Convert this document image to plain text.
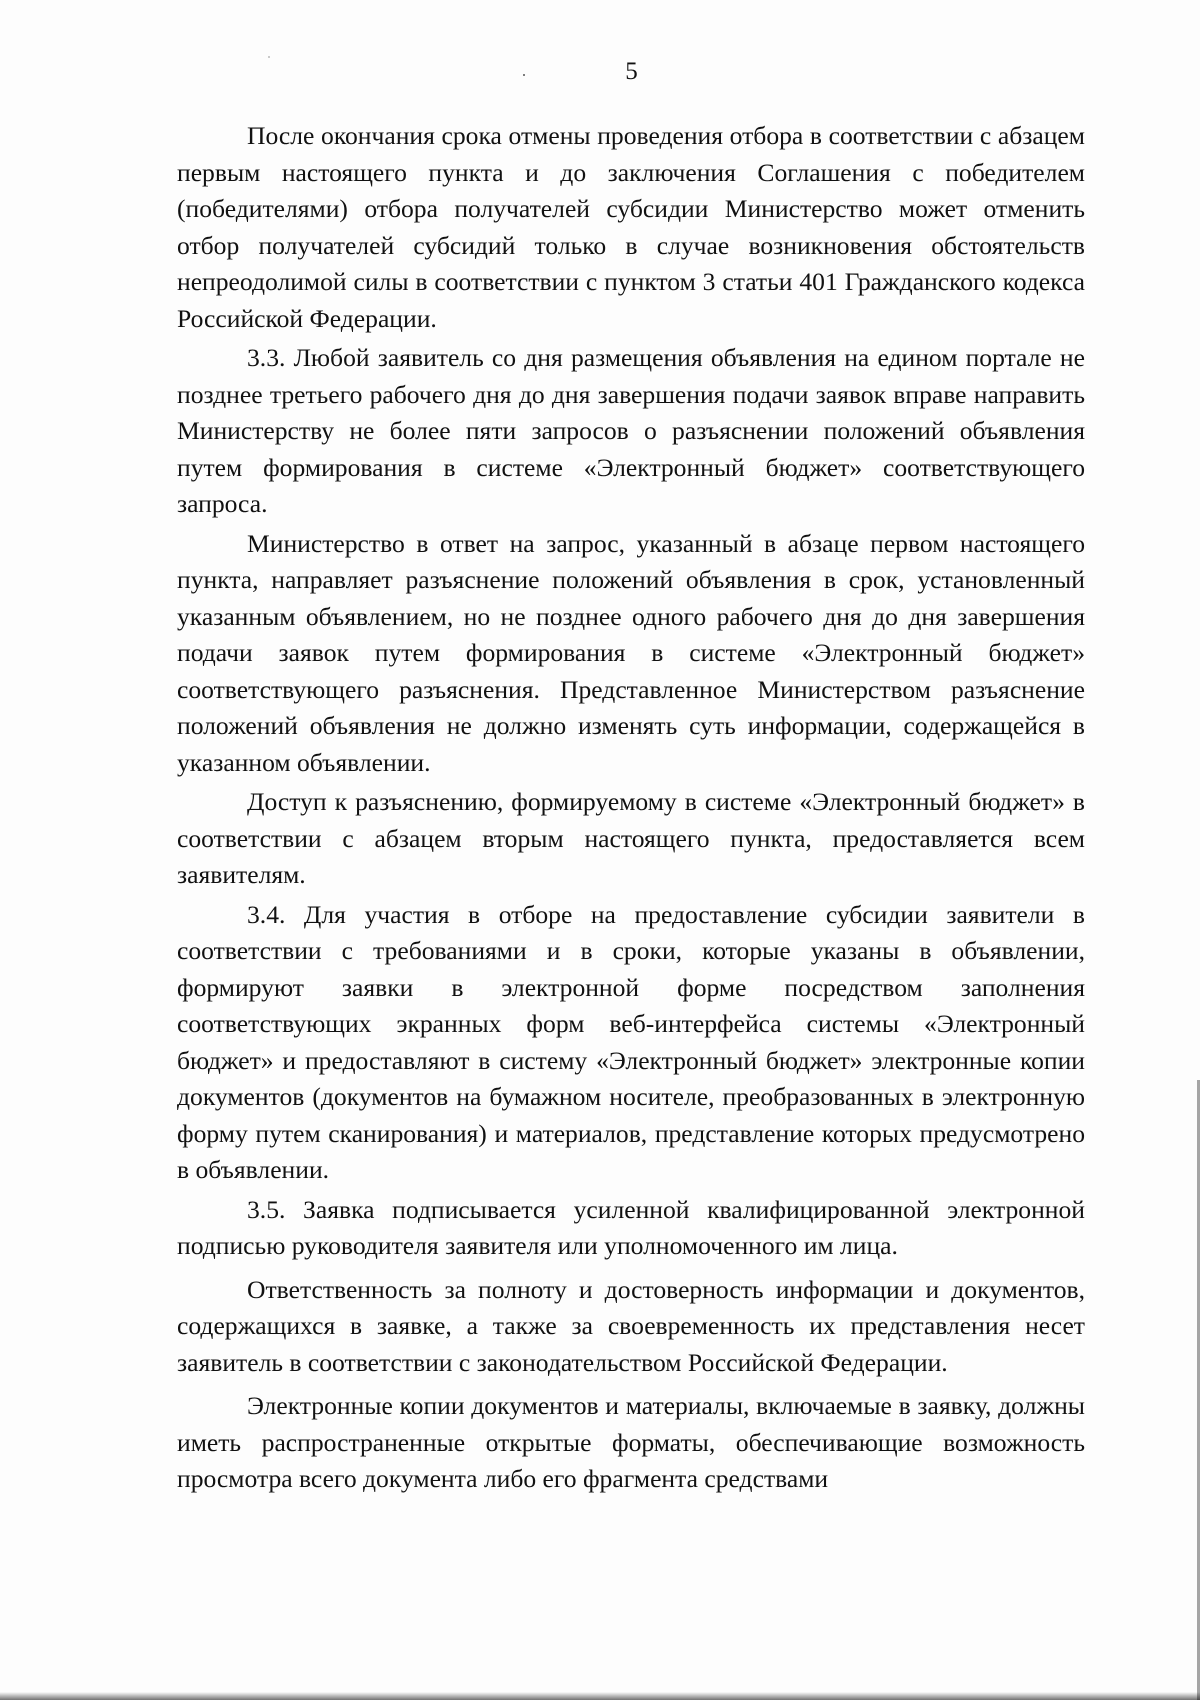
5

После окончания срока отмены проведения отбора в соответствии с абзацем первым настоящего пункта и до заключения Соглашения с победителем (победителями) отбора получателей субсидии Министерство может отменить отбор получателей субсидий только в случае возникновения обстоятельств непреодолимой силы в соответствии с пунктом 3 статьи 401 Гражданского кодекса Российской Федерации.

3.3. Любой заявитель со дня размещения объявления на едином портале не позднее третьего рабочего дня до дня завершения подачи заявок вправе направить Министерству не более пяти запросов о разъяснении положений объявления путем формирования в системе «Электронный бюджет» соответствующего запроса.

Министерство в ответ на запрос, указанный в абзаце первом настоящего пункта, направляет разъяснение положений объявления в срок, установленный указанным объявлением, но не позднее одного рабочего дня до дня завершения подачи заявок путем формирования в системе «Электронный бюджет» соответствующего разъяснения. Представленное Министерством разъяснение положений объявления не должно изменять суть информации, содержащейся в указанном объявлении.

Доступ к разъяснению, формируемому в системе «Электронный бюджет» в соответствии с абзацем вторым настоящего пункта, предоставляется всем заявителям.

3.4. Для участия в отборе на предоставление субсидии заявители в соответствии с требованиями и в сроки, которые указаны в объявлении, формируют заявки в электронной форме посредством заполнения соответствующих экранных форм веб-интерфейса системы «Электронный бюджет» и предоставляют в систему «Электронный бюджет» электронные копии документов (документов на бумажном носителе, преобразованных в электронную форму путем сканирования) и материалов, представление которых предусмотрено в объявлении.

3.5. Заявка подписывается усиленной квалифицированной электронной подписью руководителя заявителя или уполномоченного им лица.

Ответственность за полноту и достоверность информации и документов, содержащихся в заявке, а также за своевременность их представления несет заявитель в соответствии с законодательством Российской Федерации.

Электронные копии документов и материалы, включаемые в заявку, должны иметь распространенные открытые форматы, обеспечивающие возможность просмотра всего документа либо его фрагмента средствами
